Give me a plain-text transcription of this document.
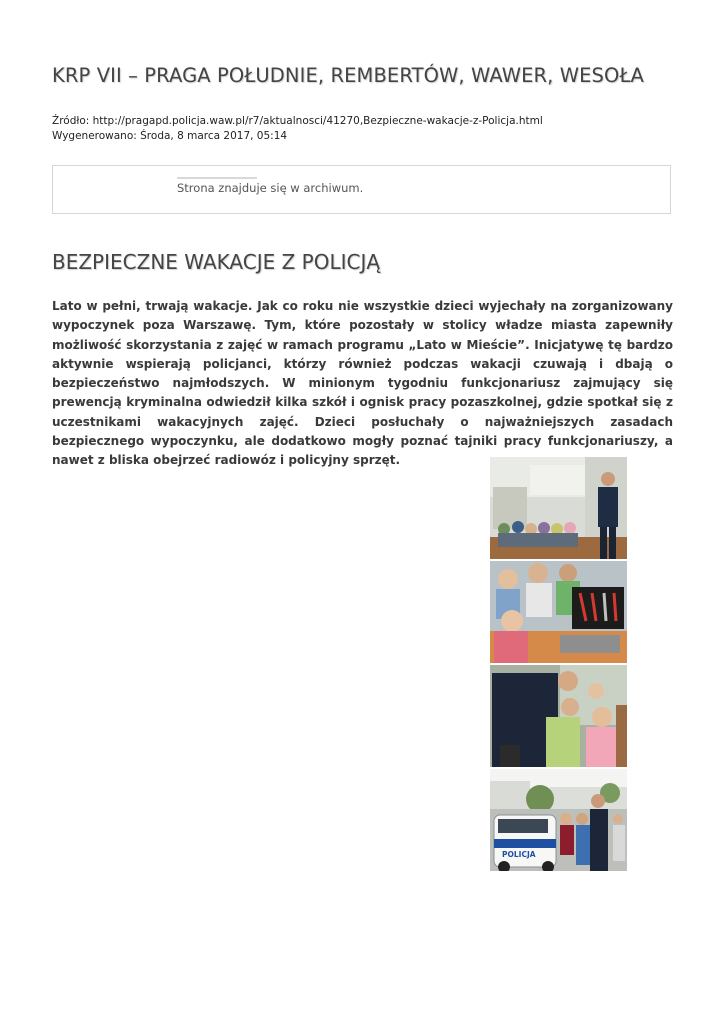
KRP VII – PRAGA POŁUDNIE, REMBERTÓW, WAWER, WESOŁA
Źródło: http://pragapd.policja.waw.pl/r7/aktualnosci/41270,Bezpieczne-wakacje-z-Policja.html
Wygenerowano: Środa, 8 marca 2017, 05:14
Strona znajduje się w archiwum.
BEZPIECZNE WAKACJE Z POLICJĄ

Lato w pełni, trwają wakacje. Jak co roku nie wszystkie dzieci wyjechały na zorganizowany wypoczynek poza Warszawę. Tym, które pozostały w stolicy władze miasta zapewniły możliwość skorzystania z zajęć w ramach programu „Lato w Mieście”. Inicjatywę tę bardzo aktywnie wspierają policjanci, którzy również podczas wakacji czuwają i dbają o bezpieczeństwo najmłodszych. W minionym tygodniu funkcjonariusz zajmujący się prewencją kryminalna odwiedził kilka szkół i ognisk pracy pozaszkolnej, gdzie spotkał się z uczestnikami wakacyjnych zajęć. Dzieci posłuchały o najważniejszych zasadach bezpiecznego wypoczynku, ale dodatkowo mogły poznać tajniki pracy funkcjonariuszy, a nawet z bliska obejrzeć radiowóz i policyjny sprzęt.

POLICJA
